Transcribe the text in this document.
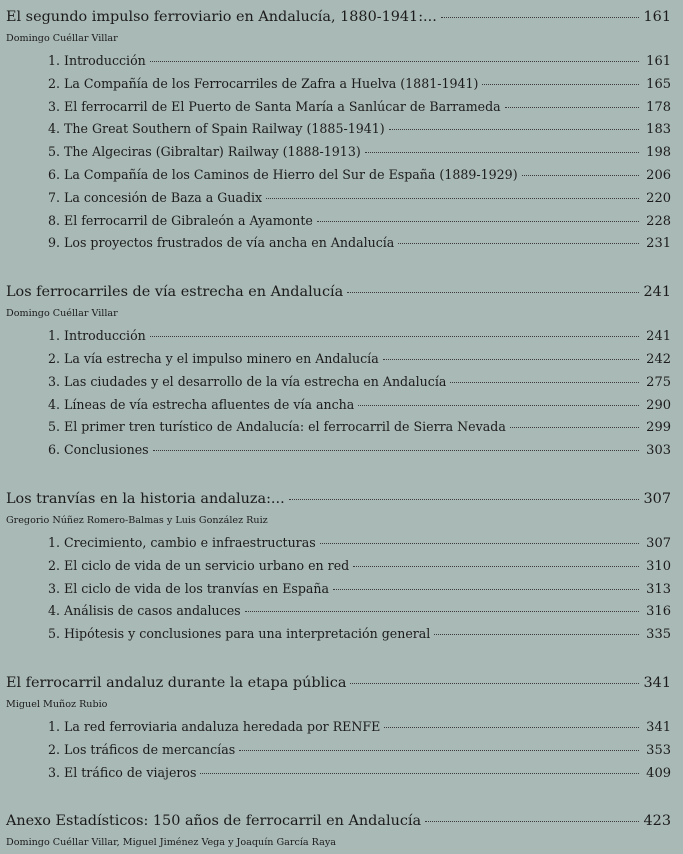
El segundo impulso ferroviario en Andalucía, 1880-1941:...	161
Domingo Cuéllar Villar
1. Introducción	161
2. La Compañía de los Ferrocarriles de Zafra a Huelva (1881-1941)	165
3. El ferrocarril de El Puerto de Santa María a Sanlúcar de Barrameda	178
4. The Great Southern of Spain Railway (1885-1941)	183
5. The Algeciras (Gibraltar) Railway (1888-1913)	198
6. La Compañía de los Caminos de Hierro del Sur de España (1889-1929)	206
7. La concesión de Baza a Guadix	220
8. El ferrocarril de Gibraleón a Ayamonte	228
9. Los proyectos frustrados de vía ancha en Andalucía	231
Los ferrocarriles de vía estrecha en Andalucía	241
Domingo Cuéllar Villar
1. Introducción	241
2. La vía estrecha y el impulso minero en Andalucía	242
3. Las ciudades y el desarrollo de la vía estrecha en Andalucía	275
4. Líneas de vía estrecha afluentes de vía ancha	290
5. El primer tren turístico de Andalucía: el ferrocarril de Sierra Nevada	299
6. Conclusiones	303
Los tranvías en la historia andaluza:...	307
Gregorio Núñez Romero-Balmas y Luis González Ruiz
1. Crecimiento, cambio e infraestructuras	307
2. El ciclo de vida de un servicio urbano en red	310
3. El ciclo de vida de los tranvías en España	313
4. Análisis de casos andaluces	316
5. Hipótesis y conclusiones para una interpretación general	335
El ferrocarril andaluz durante la etapa pública	341
Miguel Muñoz Rubio
1. La red ferroviaria andaluza heredada por RENFE	341
2. Los tráficos de mercancías	353
3. El tráfico de viajeros	409
Anexo Estadísticos: 150 años de ferrocarril en Andalucía	423
Domingo Cuéllar Villar, Miguel Jiménez Vega y Joaquín García Raya
